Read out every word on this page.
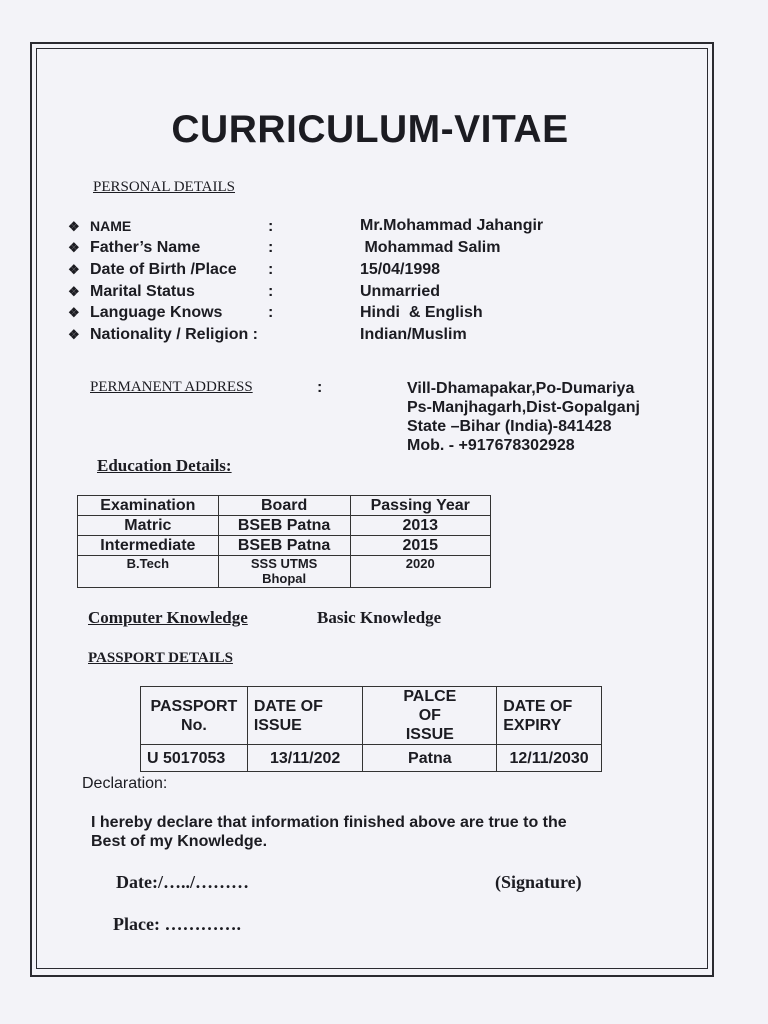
CURRICULUM-VITAE
PERSONAL DETAILS
❖ NAME	:	Mr.Mohammad Jahangir
❖ Father’s Name	:	Mohammad Salim
❖ Date of Birth /Place :	15/04/1998
❖ Marital Status	:	Unmarried
❖ Language Knows	:	Hindi  & English
❖ Nationality / Religion :	Indian/Muslim
PERMANENT ADDRESS	:	Vill-Dhamapakar,Po-Dumariya
Ps-Manjhagarh,Dist-Gopalganj
State –Bihar (India)-841428
Mob. - +917678302928
Education Details:
Examination	Board	Passing Year
Matric	BSEB Patna	2013
Intermediate	BSEB Patna	2015
B.Tech	SSS UTMS Bhopal	2020
Computer Knowledge	Basic Knowledge
PASSPORT DETAILS
PASSPORT No.	DATE OF ISSUE	PALCE OF ISSUE	DATE OF EXPIRY
U 5017053	13/11/202	Patna	12/11/2030
Declaration:
I hereby declare that information finished above are true to the
Best of my Knowledge.
Date:/…../………	(Signature)
Place: ………….
